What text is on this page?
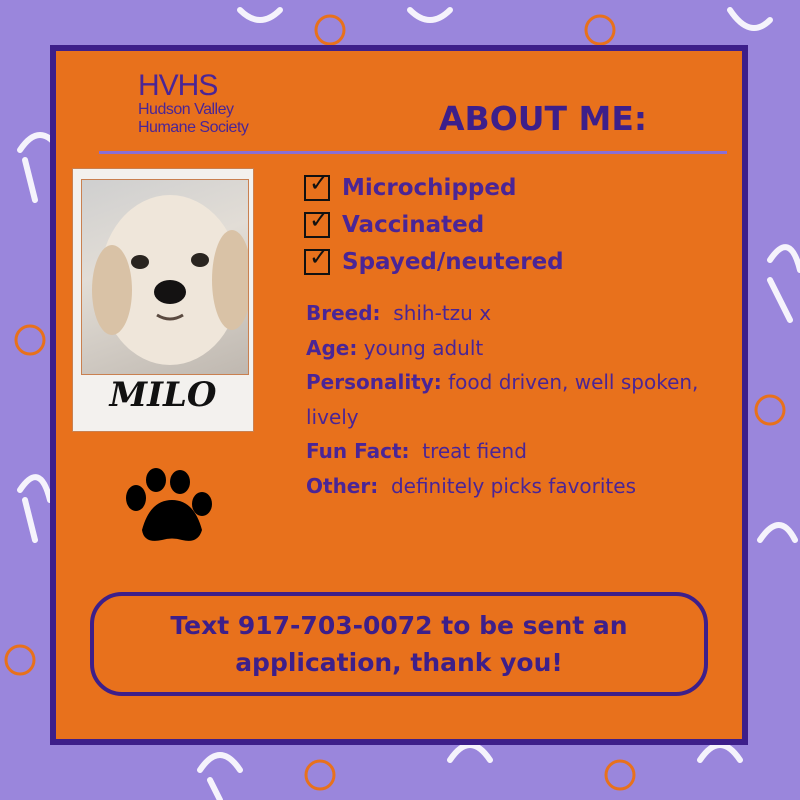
HVHS
Hudson Valley
Humane Society	ABOUT ME:
MILO
✓ Microchipped
✓ Vaccinated
✓ Spayed/neutered
Breed: shih-tzu x
Age: young adult
Personality: food driven, well spoken, lively
Fun Fact: treat fiend
Other: definitely picks favorites
Text 917-703-0072 to be sent an application, thank you!
